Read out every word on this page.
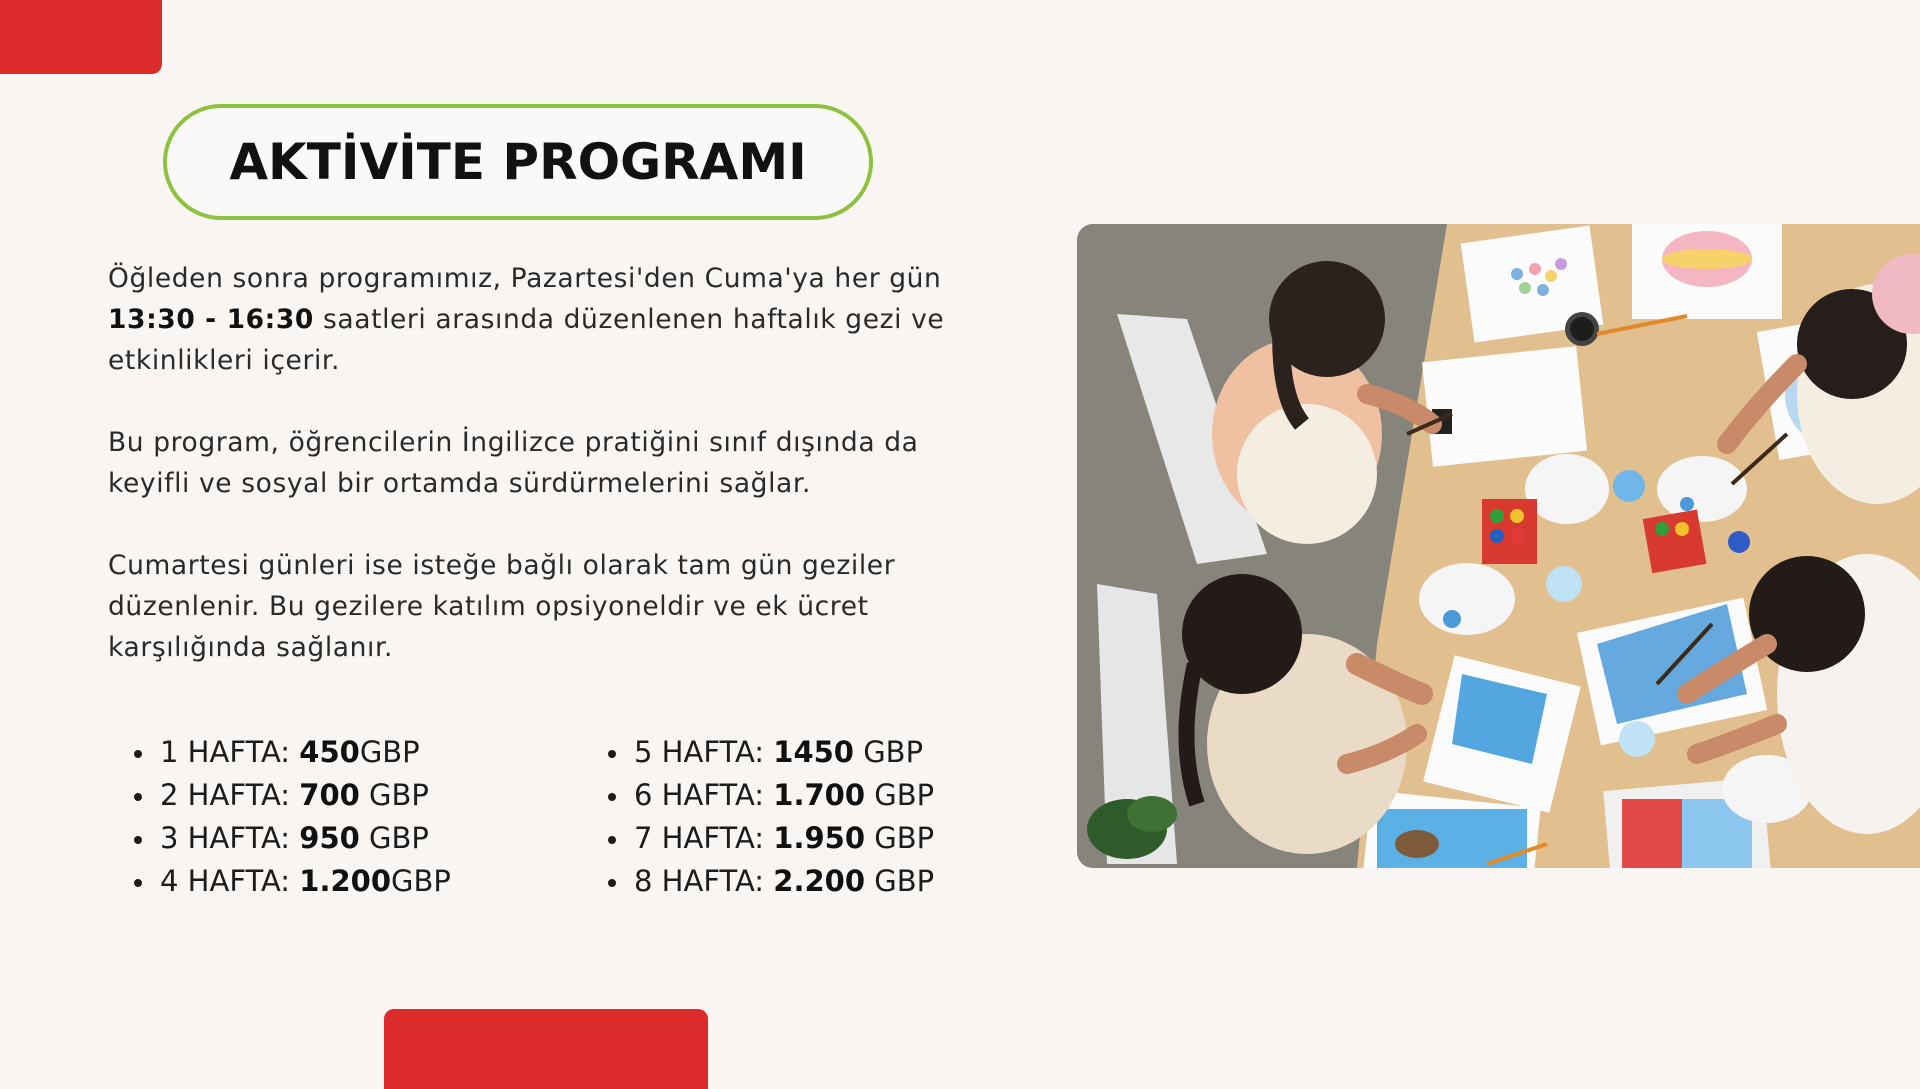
AKTİVİTE PROGRAMI

Öğleden sonra programımız, Pazartesi'den Cuma'ya her gün 13:30 - 16:30 saatleri arasında düzenlenen haftalık gezi ve etkinlikleri içerir.

Bu program, öğrencilerin İngilizce pratiğini sınıf dışında da keyifli ve sosyal bir ortamda sürdürmelerini sağlar.

Cumartesi günleri ise isteğe bağlı olarak tam gün geziler düzenlenir. Bu gezilere katılım opsiyoneldir ve ek ücret karşılığında sağlanır.

1 HAFTA: 450GBP
2 HAFTA: 700 GBP
3 HAFTA: 950 GBP
4 HAFTA: 1.200GBP
5 HAFTA: 1450 GBP
6 HAFTA: 1.700 GBP
7 HAFTA: 1.950 GBP
8 HAFTA: 2.200 GBP
